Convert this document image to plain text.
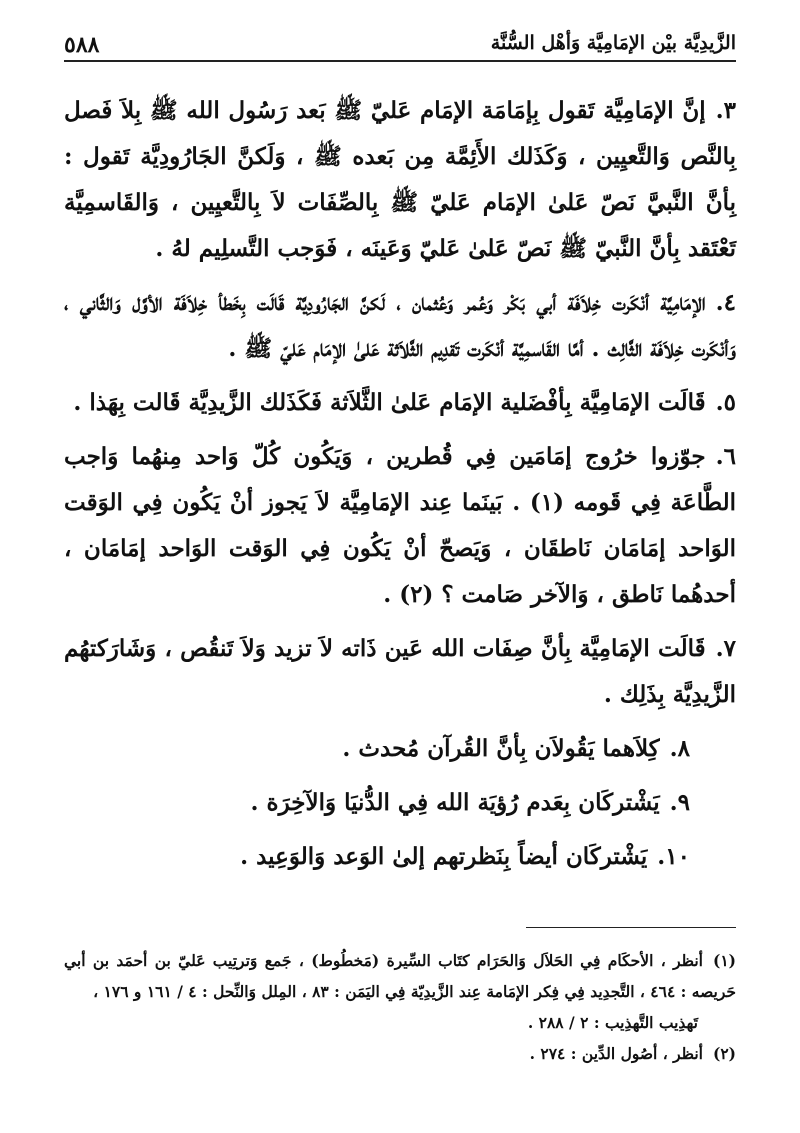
الزَّيدِيَّة بيْن الإمَامِيَّة وَأهْل السُّنَّة
٥٨٨

٣.إنَّ الإمَامِيَّة تَقول بِإمَامَة الإمَام عَليّ ﷺ بَعد رَسُول الله ﷺ بِلاَ فَصل بِالنَّص وَالتَّعيِين ، وَكَذَلك الأَئِمَّة مِن بَعده ﷺ ، وَلَكنَّ الجَارُودِيَّة تَقول : بِأنَّ النَّبيَّ نَصّ عَلىٰ الإمَام عَليّ ﷺ بِالصِّفَات لاَ بِالتَّعيِين ، وَالقَاسمِيَّة تَعْتَقد بِأنَّ النَّبيّ ﷺ نَصّ عَلىٰ عَليّ وَعَينَه ، فَوَجب التَّسلِيم لهُ .

٤.الإمَامِيَّة أنْكَرت خِلاَفَة أبي بَكْر وَعُمر وَعُثمان ، لَكنَّ الجَارُودِيَّة قَالَت بِخَطأ خِلاَفَة الأوَّل وَالثَّاني ، وَأنْكَرت خِلاَفَة الثَّالِث . أمَّا القَاسمِيَّة أنْكَرت تَقدِيم الثَّلاَثة عَلىٰ الإمَام عَليّ ﷺ .

٥.قَالَت الإمَامِيَّة بِأفْضَلية الإمَام عَلىٰ الثَّلاَثة فَكَذَلك الزَّيدِيَّة قَالت بِهَذا .

٦.جوّزوا خرُوج إمَامَين فِي قُطرين ، وَيَكُون كُلّ وَاحد مِنهُما وَاجب الطَّاعَة فِي قَومه (١) . بَينَما عِند الإمَامِيَّة لاَ يَجوز أنْ يَكُون فِي الوَقت الوَاحد إمَامَان نَاطقَان ، وَيَصحّ أنْ يَكُون فِي الوَقت الوَاحد إمَامَان ، أحدهُما نَاطق ، وَالآخر صَامت ؟ (٢) .

٧.قَالَت الإمَامِيَّة بِأنَّ صِفَات الله عَين ذَاته لاَ تزيد وَلاَ تَنقُص ، وَشَارَكتهُم الزَّيدِيَّة بِذَلِك .

٨.كِلاَهما يَقُولاَن بِأنَّ القُرآن مُحدث .

٩.يَشْتركَان بِعَدم رُؤيَة الله فِي الدُّنيَا وَالآخِرَة .

١٠.يَشْتركَان أيضاً بِنَظرتهم إلىٰ الوَعد وَالوَعِيد .

(١)أنظر ، الأحكَام فِي الحَلاَل وَالحَرَام كتَاب السِّيرة (مَخطُوط) ، جَمع وَترتِيب عَليّ بن أحمَد بن أبي حَريصه : ٤٦٤ ، التَّجدِيد فِي فِكر الإمَامة عِند الزَّيدِيّة فِي اليَمَن : ٨٣ ، المِلل وَالنِّحل : ٤ / ١٦١ و ١٧٦ ،

تَهذِيب التَّهذِيب : ٢ / ٢٨٨ .

(٢)أنظر ، أصُول الدِّين : ٢٧٤ .
